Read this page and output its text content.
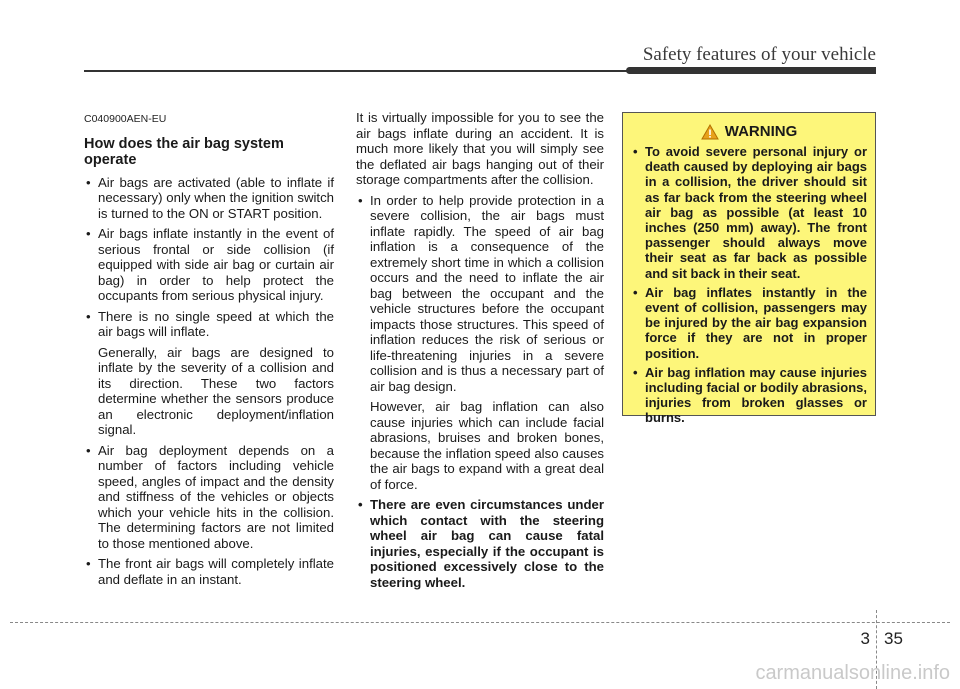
Safety features of your vehicle

C040900AEN-EU

How does the air bag system operate

• Air bags are activated (able to inflate if necessary) only when the ignition switch is turned to the ON or START position.
• Air bags inflate instantly in the event of serious frontal or side collision (if equipped with side air bag or curtain air bag) in order to help protect the occupants from serious physical injury.
• There is no single speed at which the air bags will inflate.

Generally, air bags are designed to inflate by the severity of a collision and its direction. These two factors determine whether the sensors produce an electronic deployment/inflation signal.

• Air bag deployment depends on a number of factors including vehicle speed, angles of impact and the density and stiffness of the vehicles or objects which your vehicle hits in the collision. The determining factors are not limited to those mentioned above.
• The front air bags will completely inflate and deflate in an instant.

It is virtually impossible for you to see the air bags inflate during an accident. It is much more likely that you will simply see the deflated air bags hanging out of their storage compartments after the collision.

• In order to help provide protection in a severe collision, the air bags must inflate rapidly. The speed of air bag inflation is a consequence of the extremely short time in which a collision occurs and the need to inflate the air bag between the occupant and the vehicle structures before the occupant impacts those structures. This speed of inflation reduces the risk of serious or life-threatening injuries in a severe collision and is thus a necessary part of air bag design.

However, air bag inflation can also cause injuries which can include facial abrasions, bruises and broken bones, because the inflation speed also causes the air bags to expand with a great deal of force.

• There are even circumstances under which contact with the steering wheel air bag can cause fatal injuries, especially if the occupant is positioned excessively close to the steering wheel.
WARNING
• To avoid severe personal injury or death caused by deploying air bags in a collision, the driver should sit as far back from the steering wheel air bag as possible (at least 10 inches (250 mm) away). The front passenger should always move their seat as far back as possible and sit back in their seat.
• Air bag inflates instantly in the event of collision, passengers may be injured by the air bag expansion force if they are not in proper position.
• Air bag inflation may cause injuries including facial or bodily abrasions, injuries from broken glasses or burns.
3 35
carmanualsonline.info
